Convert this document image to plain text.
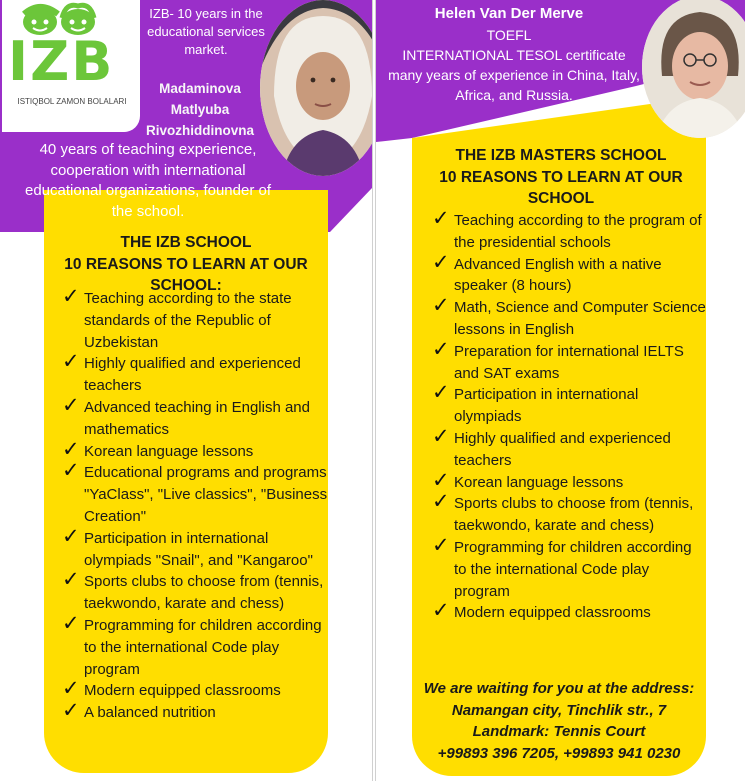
IZB
ISTIQBOL ZAMON BOLALARI
IZB- 10 years in the educational services market.
Madaminova Matlyuba Rivozhiddinovna
40 years of teaching experience, cooperation with international educational organizations, founder of the school.
THE IZB SCHOOL
10 REASONS TO LEARN AT OUR SCHOOL:
✓ Teaching according to the state standards of the Republic of Uzbekistan
✓ Highly qualified and experienced teachers
✓ Advanced teaching in English and mathematics
✓ Korean language lessons
✓ Educational programs and programs "YaClass", "Live classics", "Business Creation"
✓ Participation in international olympiads "Snail", and "Kangaroo"
✓ Sports clubs to choose from (tennis, taekwondo, karate and chess)
✓ Programming for children according to the international Code play program
✓ Modern equipped classrooms
✓ A balanced nutrition
Helen Van Der Merve
TOEFL
INTERNATIONAL TESOL certificate many years of experience in China, Italy, Africa, and Russia.
THE IZB MASTERS SCHOOL
10 REASONS TO LEARN AT OUR SCHOOL
✓ Teaching according to the program of the presidential schools
✓ Advanced English with a native speaker (8 hours)
✓ Math, Science and Computer Science lessons in English
✓ Preparation for international IELTS and SAT exams
✓ Participation in international olympiads
✓ Highly qualified and experienced teachers
✓ Korean language lessons
✓ Sports clubs to choose from (tennis, taekwondo, karate and chess)
✓ Programming for children according to the international Code play program
✓ Modern equipped classrooms
We are waiting for you at the address:
Namangan city, Tinchlik str., 7
Landmark: Tennis Court
+99893 396 7205, +99893 941 0230
